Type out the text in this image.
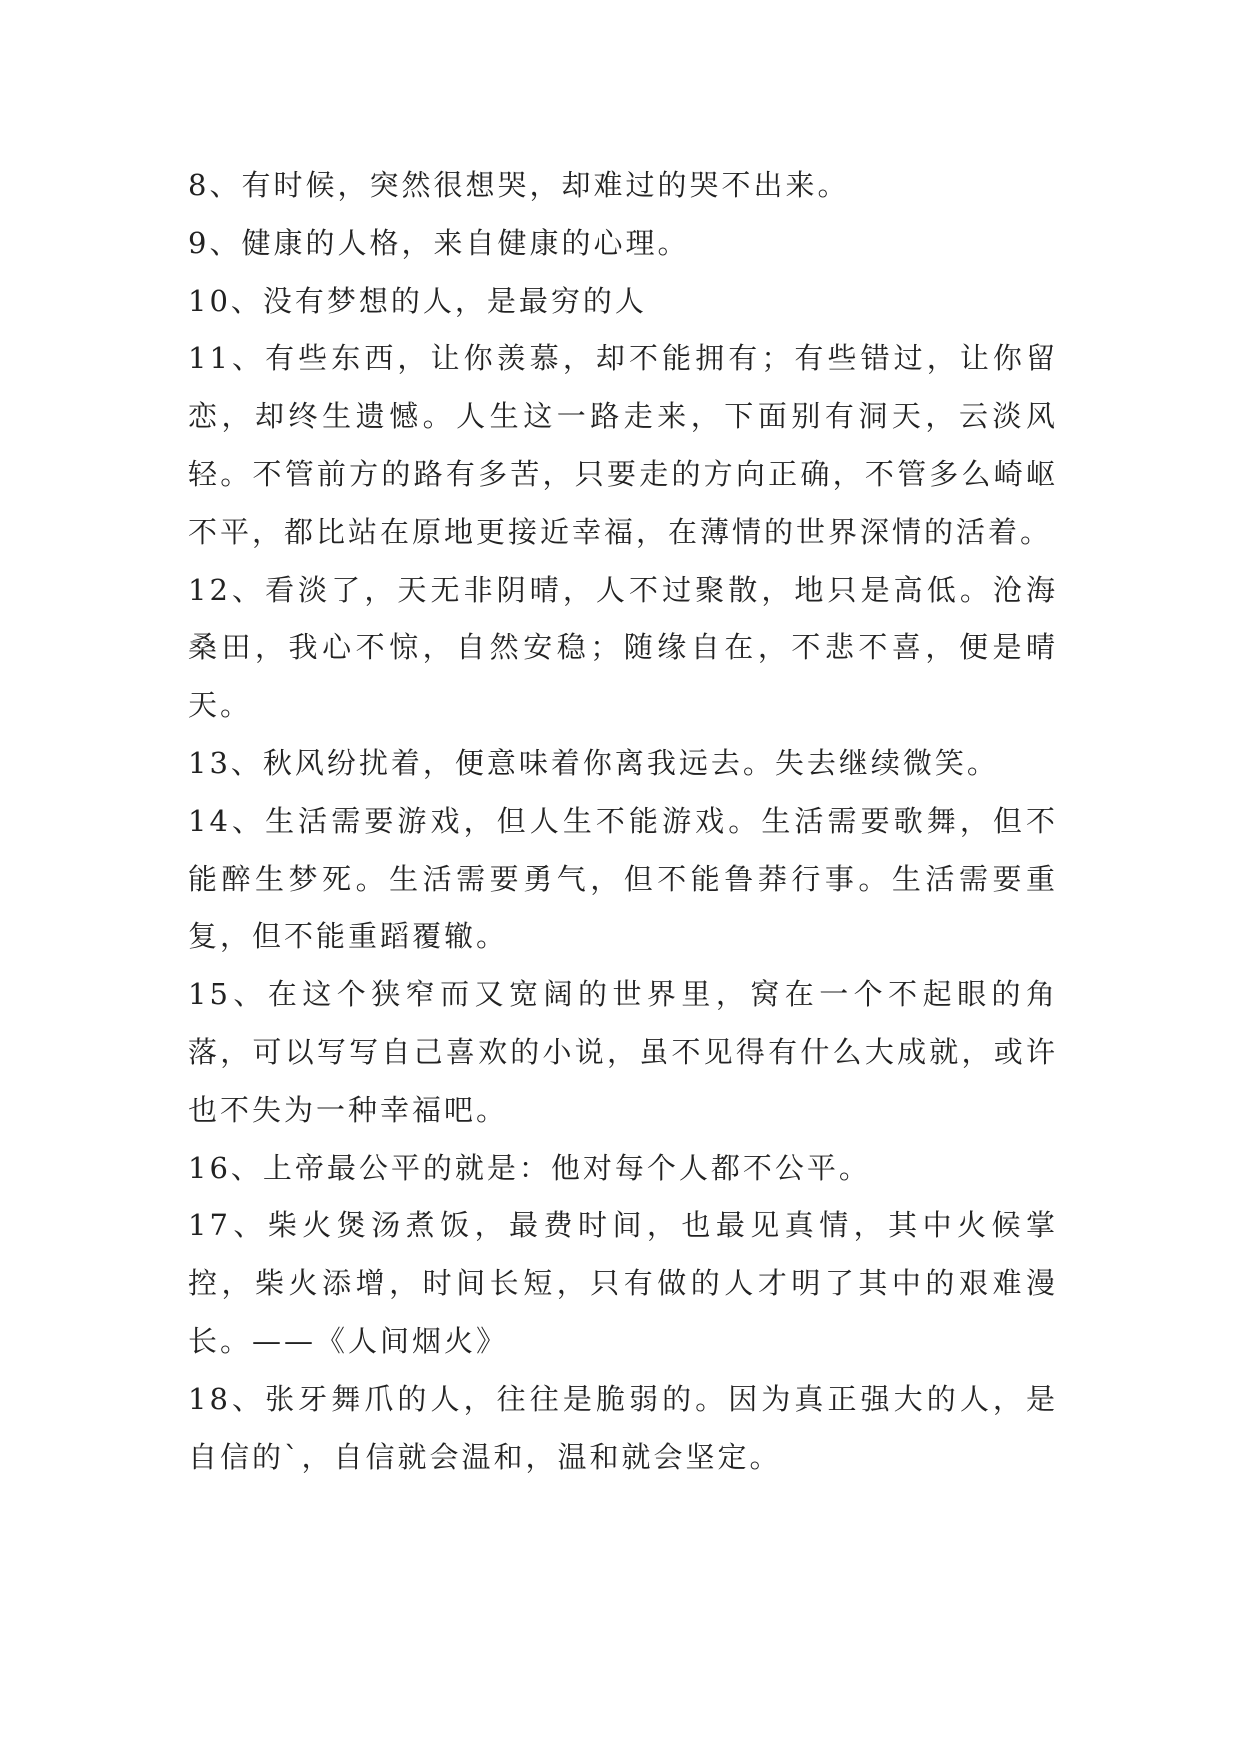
8、有时候，突然很想哭，却难过的哭不出来。

9、健康的人格，来自健康的心理。

10、没有梦想的人，是最穷的人

11、有些东西，让你羡慕，却不能拥有；有些错过，让你留恋，却终生遗憾。人生这一路走来，下面别有洞天，云淡风轻。不管前方的路有多苦，只要走的方向正确，不管多么崎岖不平，都比站在原地更接近幸福，在薄情的世界深情的活着。

12、看淡了，天无非阴晴，人不过聚散，地只是高低。沧海桑田，我心不惊，自然安稳；随缘自在，不悲不喜，便是晴天。

13、秋风纷扰着，便意味着你离我远去。失去继续微笑。

14、生活需要游戏，但人生不能游戏。生活需要歌舞，但不能醉生梦死。生活需要勇气，但不能鲁莽行事。生活需要重复，但不能重蹈覆辙。

15、在这个狭窄而又宽阔的世界里，窝在一个不起眼的角落，可以写写自己喜欢的小说，虽不见得有什么大成就，或许也不失为一种幸福吧。

16、上帝最公平的就是：他对每个人都不公平。

17、柴火煲汤煮饭，最费时间，也最见真情，其中火候掌控，柴火添增，时间长短，只有做的人才明了其中的艰难漫长。——《人间烟火》

18、张牙舞爪的人，往往是脆弱的。因为真正强大的人，是自信的`，自信就会温和，温和就会坚定。
